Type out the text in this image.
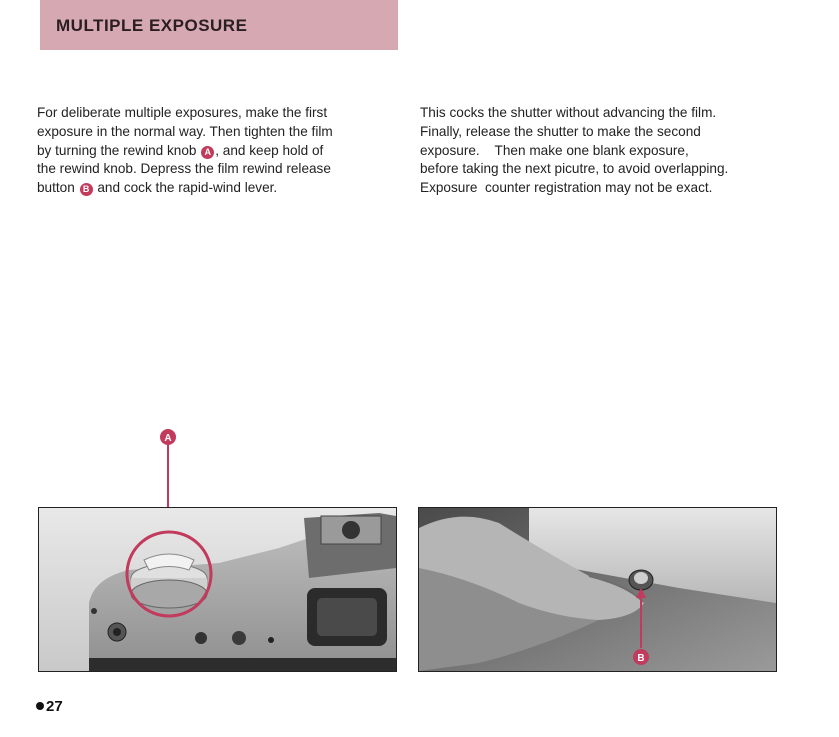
MULTIPLE EXPOSURE

For deliberate multiple exposures, make the first

exposure in the normal way. Then tighten the film

by turning the rewind knob A , and keep hold of

the rewind knob. Depress the film rewind release

button B and cock the rapid-wind lever.

This cocks the shutter without advancing the film.

Finally, release the shutter to make the second

exposure.    Then make one blank exposure,

before taking the next picutre, to avoid overlapping.

Exposure  counter registration may not be exact.

A
B
27
